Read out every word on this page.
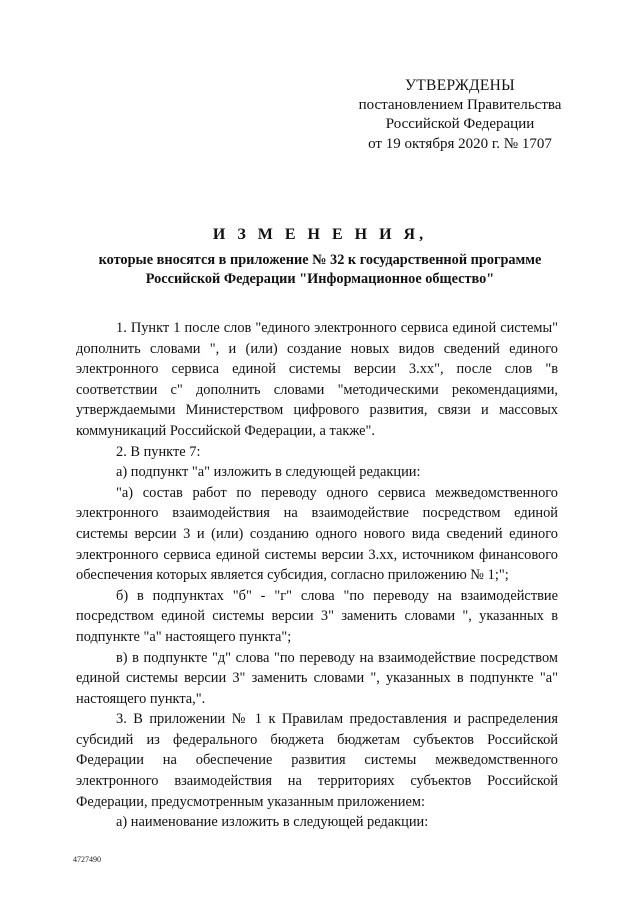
УТВЕРЖДЕНЫ
постановлением Правительства
Российской Федерации
от 19 октября 2020 г. № 1707
И З М Е Н Е Н И Я,
которые вносятся в приложение № 32 к государственной программе
Российской Федерации "Информационное общество"

1. Пункт 1 после слов "единого электронного сервиса единой системы" дополнить словами ", и (или) создание новых видов сведений единого электронного сервиса единой системы версии 3.хх", после слов "в соответствии с" дополнить словами "методическими рекомендациями, утверждаемыми Министерством цифрового развития, связи и массовых коммуникаций Российской Федерации, а также".

2. В пункте 7:

а) подпункт "а" изложить в следующей редакции:

"а) состав работ по переводу одного сервиса межведомственного электронного взаимодействия на взаимодействие посредством единой системы версии 3 и (или) созданию одного нового вида сведений единого электронного сервиса единой системы версии 3.хх, источником финансового обеспечения которых является субсидия, согласно приложению № 1;";

б) в подпунктах "б" - "г" слова "по переводу на взаимодействие посредством единой системы версии 3" заменить словами ", указанных в подпункте "а" настоящего пункта";

в) в подпункте "д" слова "по переводу на взаимодействие посредством единой системы версии 3" заменить словами ", указанных в подпункте "а" настоящего пункта,".

3. В приложении № 1 к Правилам предоставления и распределения субсидий из федерального бюджета бюджетам субъектов Российской Федерации на обеспечение развития системы межведомственного электронного взаимодействия на территориях субъектов Российской Федерации, предусмотренным указанным приложением:

а) наименование изложить в следующей редакции:

4727490
